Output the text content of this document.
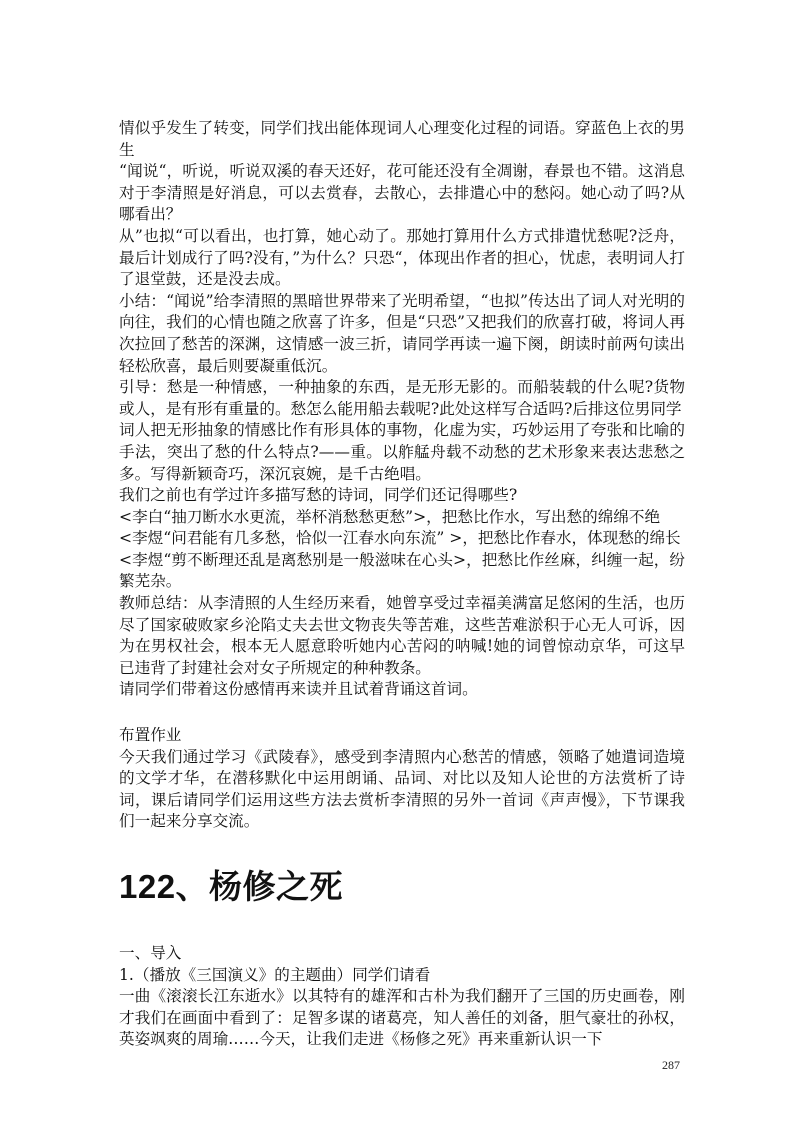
情似乎发生了转变，同学们找出能体现词人心理变化过程的词语。穿蓝色上衣的男生

“闻说“，听说，听说双溪的春天还好，花可能还没有全凋谢，春景也不错。这消息对于李清照是好消息，可以去赏春，去散心，去排遣心中的愁闷。她心动了吗?从哪看出？

从”也拟“可以看出，也打算，她心动了。那她打算用什么方式排遣忧愁呢?泛舟，最后计划成行了吗?没有，”为什么？只恐“，体现出作者的担心，忧虑，表明词人打了退堂鼓，还是没去成。

小结：“闻说”给李清照的黑暗世界带来了光明希望，“也拟”传达出了词人对光明的向往，我们的心情也随之欣喜了许多，但是“只恐”又把我们的欣喜打破，将词人再次拉回了愁苦的深渊，这情感一波三折，请同学再读一遍下阕，朗读时前两句读出轻松欣喜，最后则要凝重低沉。

引导：愁是一种情感，一种抽象的东西，是无形无影的。而船装载的什么呢?货物或人，是有形有重量的。愁怎么能用船去载呢?此处这样写合适吗?后排这位男同学

词人把无形抽象的情感比作有形具体的事物，化虚为实，巧妙运用了夸张和比喻的手法，突出了愁的什么特点?——重。以舴艋舟载不动愁的艺术形象来表达悲愁之多。写得新颖奇巧，深沉哀婉，是千古绝唱。

我们之前也有学过许多描写愁的诗词，同学们还记得哪些?

<李白“抽刀断水水更流，举杯消愁愁更愁”>，把愁比作水，写出愁的绵绵不绝

<李煜“问君能有几多愁，恰似一江春水向东流” >，把愁比作春水，体现愁的绵长

<李煜“剪不断理还乱是离愁别是一般滋味在心头>，把愁比作丝麻，纠缠一起，纷繁芜杂。

教师总结：从李清照的人生经历来看，她曾享受过幸福美满富足悠闲的生活，也历尽了国家破败家乡沦陷丈夫去世文物丧失等苦难，这些苦难淤积于心无人可诉，因为在男权社会，根本无人愿意聆听她内心苦闷的呐喊!她的词曾惊动京华，可这早已违背了封建社会对女子所规定的种种教条。

请同学们带着这份感情再来读并且试着背诵这首词。

布置作业

今天我们通过学习《武陵春》，感受到李清照内心愁苦的情感，领略了她遣词造境的文学才华，在潜移默化中运用朗诵、品词、对比以及知人论世的方法赏析了诗词，课后请同学们运用这些方法去赏析李清照的另外一首词《声声慢》，下节课我们一起来分享交流。

122、杨修之死

一、导入

1.（播放《三国演义》的主题曲）同学们请看

一曲《滚滚长江东逝水》以其特有的雄浑和古朴为我们翻开了三国的历史画卷，刚才我们在画面中看到了：足智多谋的诸葛亮，知人善任的刘备，胆气豪壮的孙权，英姿飒爽的周瑜……今天，让我们走进《杨修之死》再来重新认识一下

287
